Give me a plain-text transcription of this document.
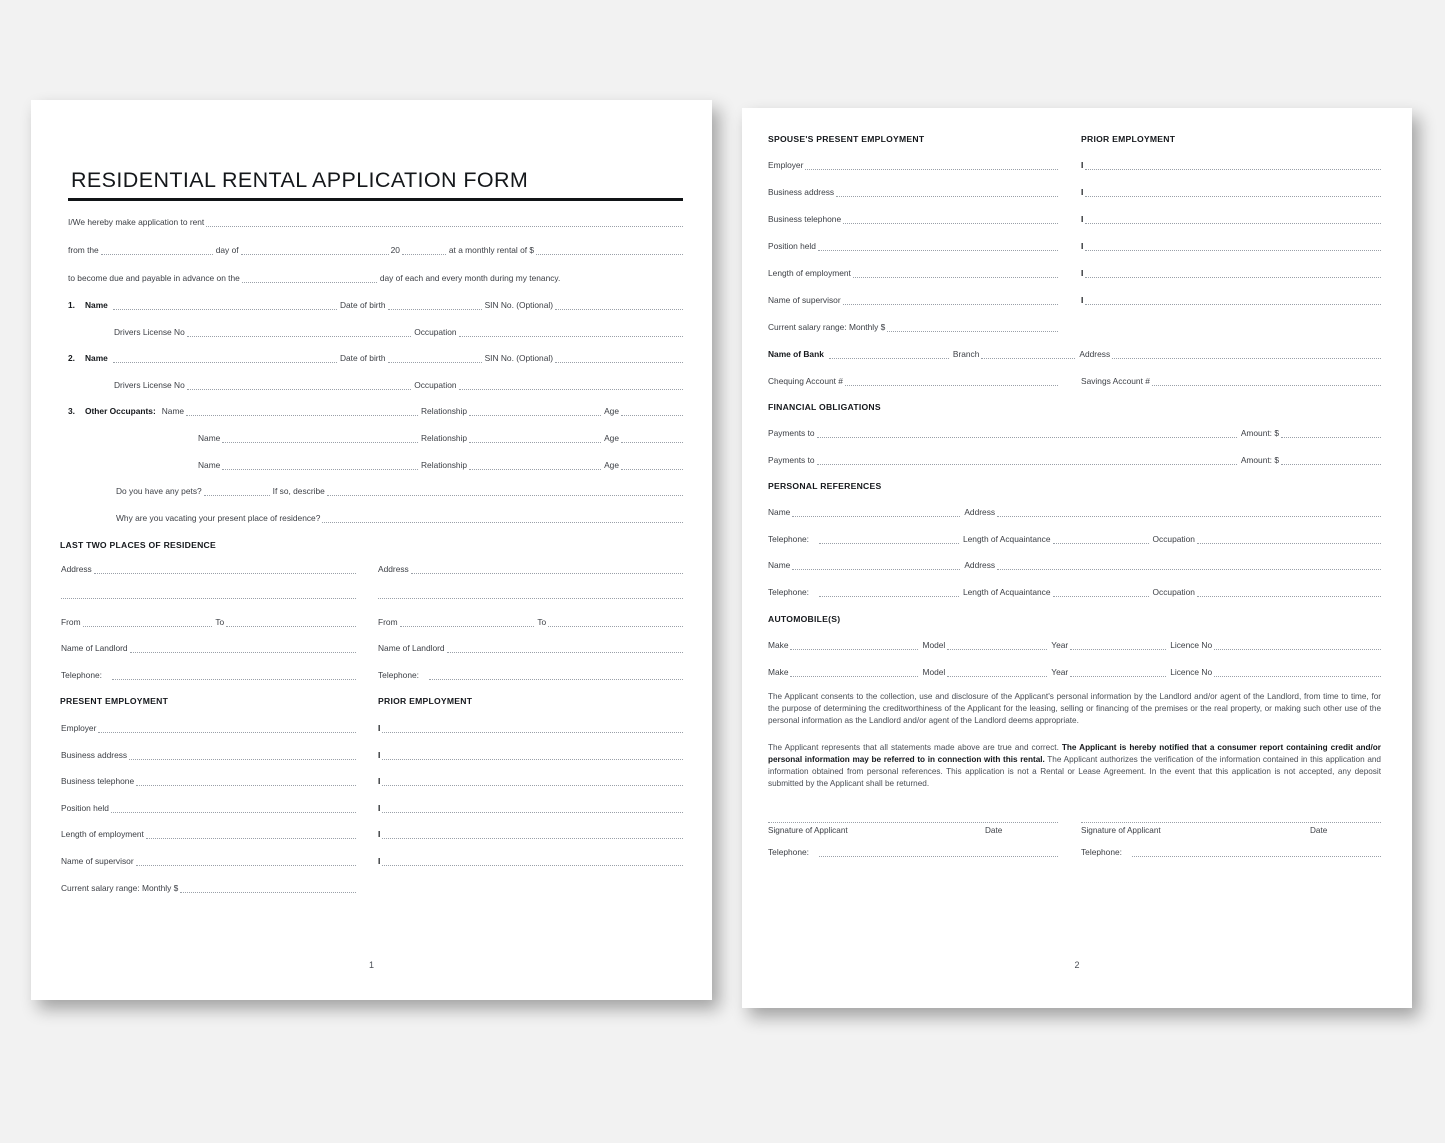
RESIDENTIAL RENTAL APPLICATION FORM
I/We hereby make application to rent
from the	day of	20	at a monthly rental of $
to become due and payable in advance on the	day of each and every month during my tenancy.
1.	Name	Date of birth	SIN No. (Optional)
Drivers License No	Occupation
2.	Name	Date of birth	SIN No. (Optional)
Drivers License No	Occupation
3.	Other Occupants: Name	Relationship	Age
Name	Relationship	Age
Name	Relationship	Age
Do you have any pets?	If so, describe
Why are you vacating your present place of residence?
LAST TWO PLACES OF RESIDENCE
Address	Address
From	To	From	To
Name of Landlord	Name of Landlord
Telephone:	Telephone:
PRESENT EMPLOYMENT	PRIOR EMPLOYMENT
Employer	I
Business address	I
Business telephone	I
Position held	I
Length of employment	I
Name of supervisor	I
Current salary range: Monthly $
1
SPOUSE'S PRESENT EMPLOYMENT	PRIOR EMPLOYMENT
Employer	I
Business address	I
Business telephone	I
Position held	I
Length of employment	I
Name of supervisor	I
Current salary range: Monthly $
Name of Bank	Branch	Address
Chequing Account #	Savings Account #
FINANCIAL OBLIGATIONS
Payments to	Amount: $
Payments to	Amount: $
PERSONAL REFERENCES
Name	Address
Telephone:	Length of Acquaintance	Occupation
Name	Address
Telephone:	Length of Acquaintance	Occupation
AUTOMOBILE(S)
Make	Model	Year	Licence No
Make	Model	Year	Licence No
The Applicant consents to the collection, use and disclosure of the Applicant's personal information by the Landlord and/or agent of the Landlord, from time to time, for the purpose of determining the creditworthiness of the Applicant for the leasing, selling or financing of the premises or the real property, or making such other use of the personal information as the Landlord and/or agent of the Landlord deems appropriate.
The Applicant represents that all statements made above are true and correct. The Applicant is hereby notified that a consumer report containing credit and/or personal information may be referred to in connection with this rental. The Applicant authorizes the verification of the information contained in this application and information obtained from personal references. This application is not a Rental or Lease Agreement. In the event that this application is not accepted, any deposit submitted by the Applicant shall be returned.
Signature of Applicant	Date	Signature of Applicant	Date
Telephone:	Telephone:
2
